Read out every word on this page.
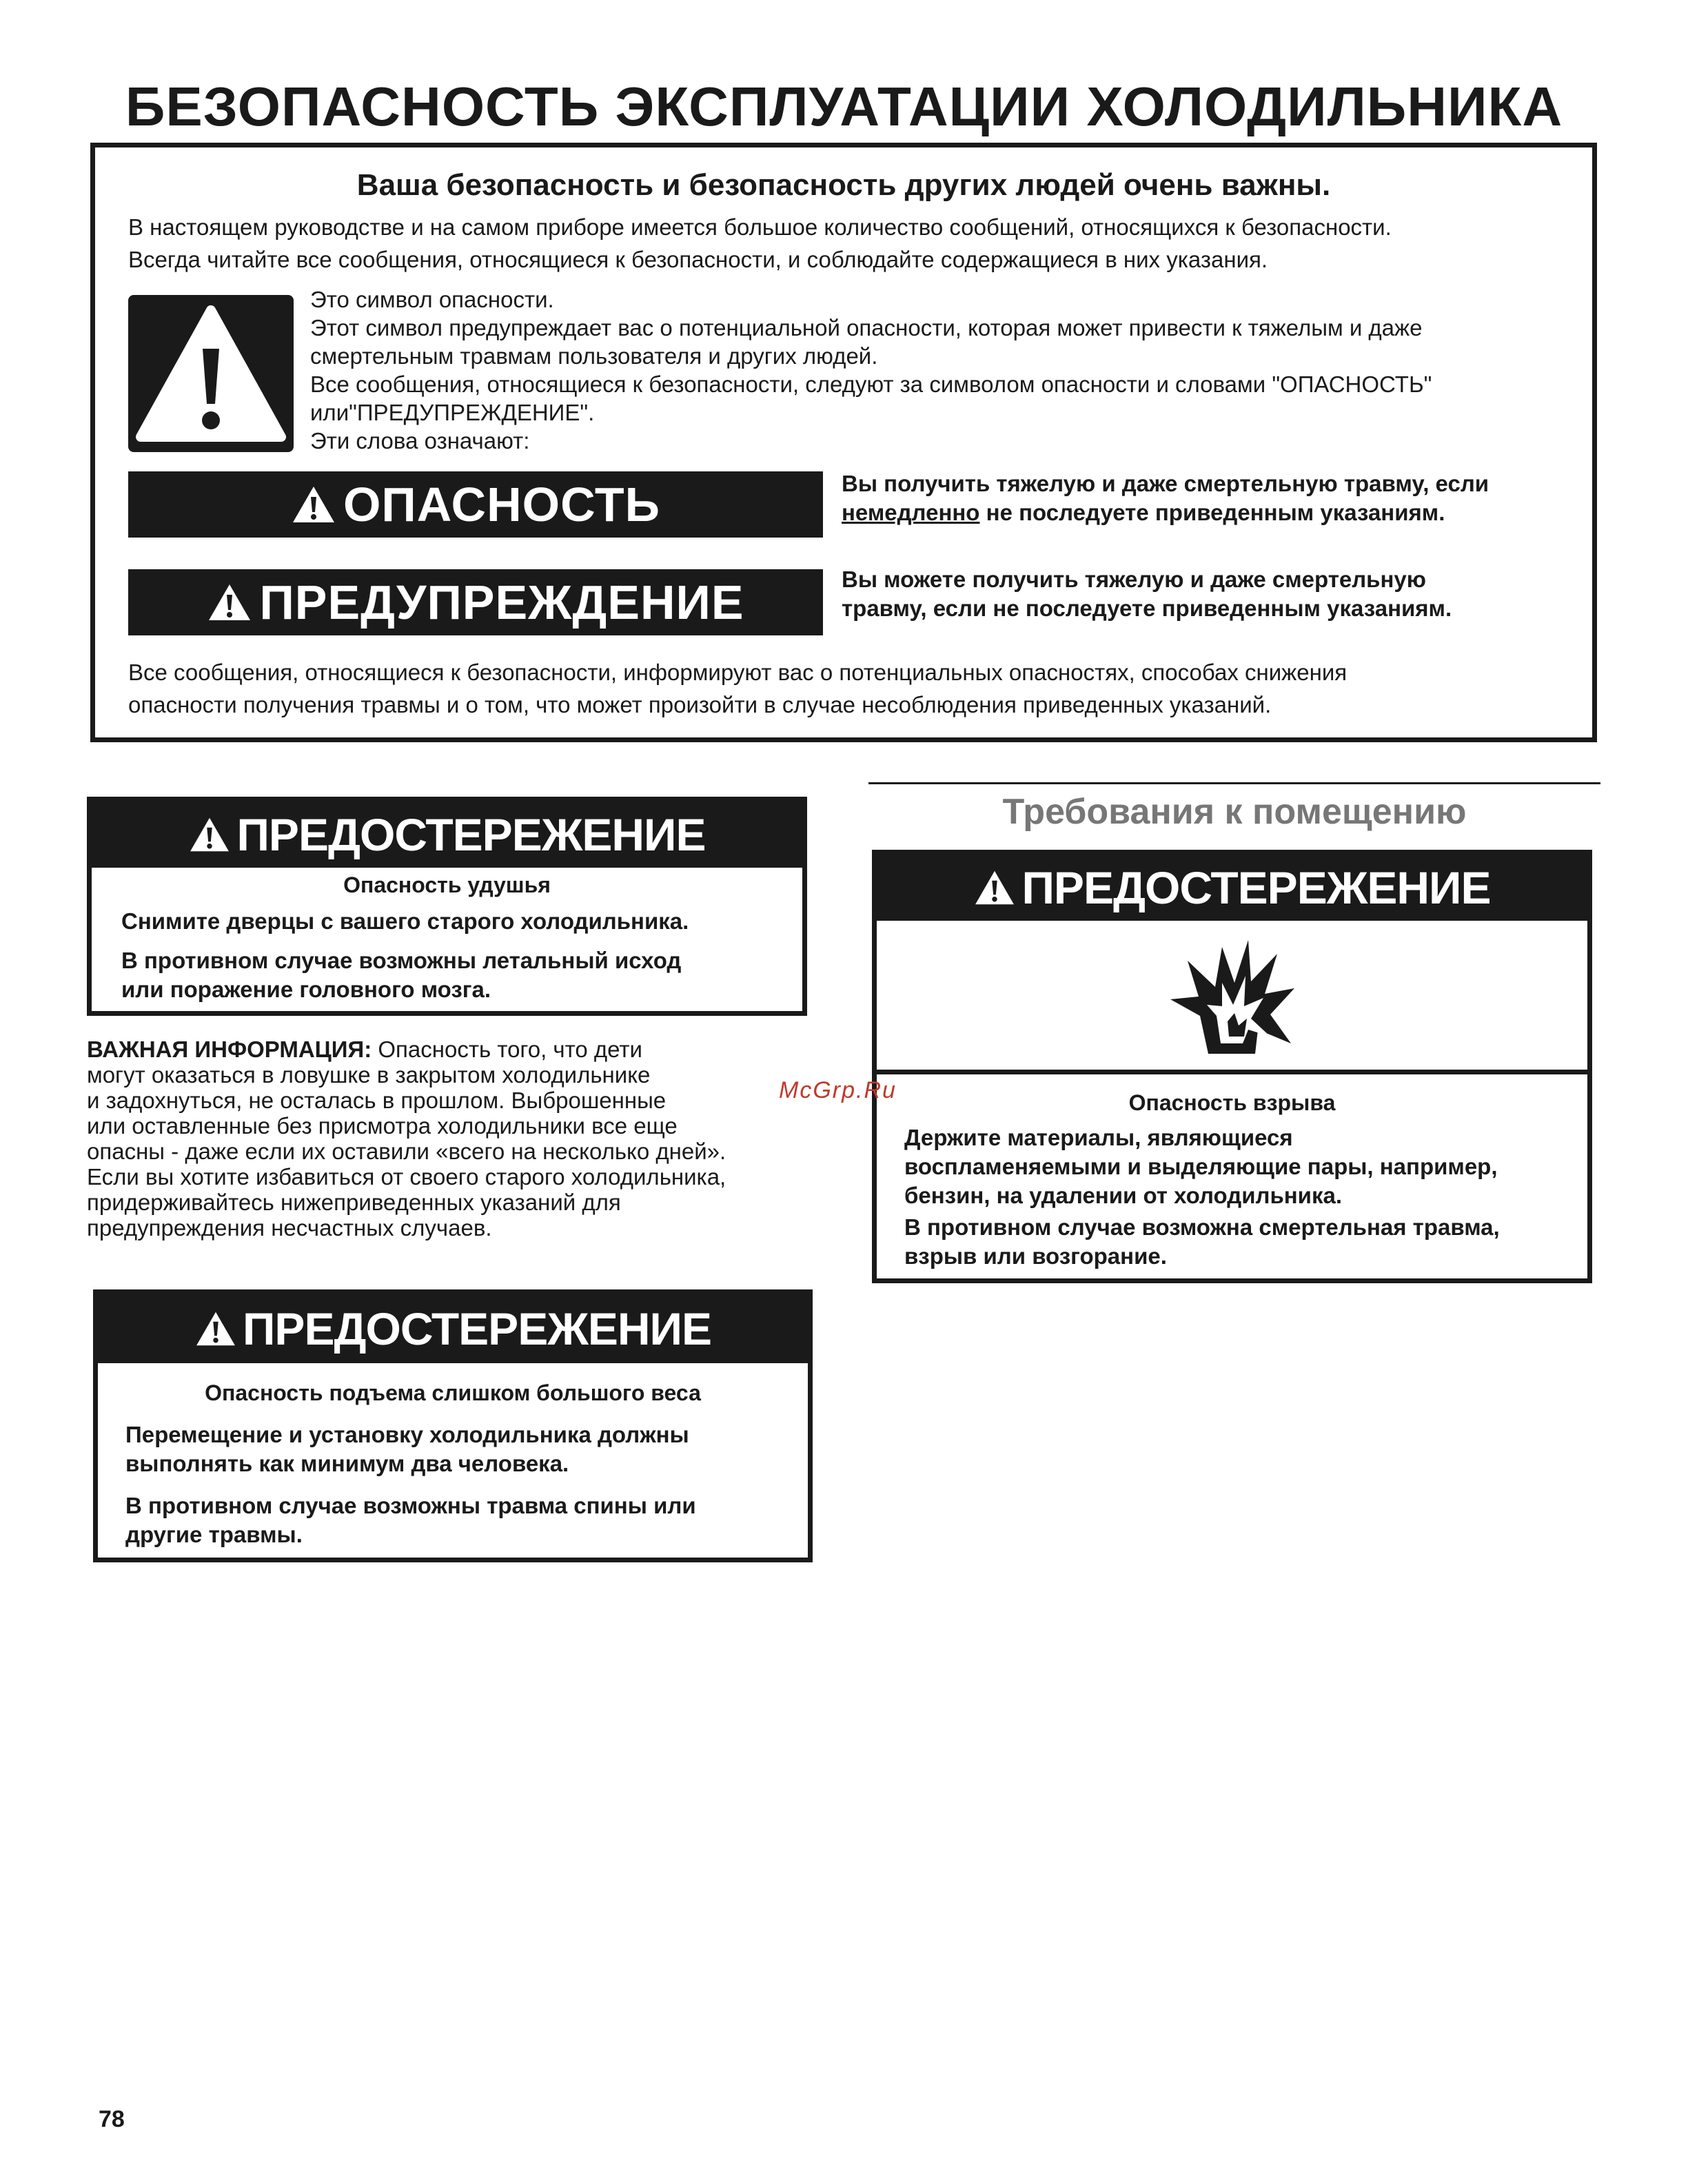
БЕЗОПАСНОСТЬ ЭКСПЛУАТАЦИИ ХОЛОДИЛЬНИКА
Ваша безопасность и безопасность других людей очень важны.
В настоящем руководстве и на самом приборе имеется большое количество сообщений, относящихся к безопасности.
Всегда читайте все сообщения, относящиеся к безопасности, и соблюдайте содержащиеся в них указания.
Это символ опасности.
Этот символ предупреждает вас о потенциальной опасности, которая может привести к тяжелым и даже
смертельным травмам пользователя и других людей.
Все сообщения, относящиеся к безопасности, следуют за символом опасности и словами "ОПАСНОСТЬ"
или"ПРЕДУПРЕЖДЕНИЕ".
Эти слова означают:
ОПАСНОСТЬ	Вы получить тяжелую и даже смертельную травму, если
немедленно не последуете приведенным указаниям.
ПРЕДУПРЕЖДЕНИЕ	Вы можете получить тяжелую и даже смертельную
травму, если не последуете приведенным указаниям.
Все сообщения, относящиеся к безопасности, информируют вас о потенциальных опасностях, способах снижения
опасности получения травмы и о том, что может произойти в случае несоблюдения приведенных указаний.
ПРЕДОСТЕРЕЖЕНИЕ
Опасность удушья
Снимите дверцы с вашего старого холодильника.
В противном случае возможны летальный исход
или поражение головного мозга.
ВАЖНАЯ ИНФОРМАЦИЯ: Опасность того, что дети
могут оказаться в ловушке в закрытом холодильнике
и задохнуться, не осталась в прошлом. Выброшенные
или оставленные без присмотра холодильники все еще
опасны - даже если их оставили «всего на несколько дней».
Если вы хотите избавиться от своего старого холодильника,
придерживайтесь нижеприведенных указаний для
предупреждения несчастных случаев.
ПРЕДОСТЕРЕЖЕНИЕ
Опасность подъема слишком большого веса
Перемещение и установку холодильника должны
выполнять как минимум два человека.
В противном случае возможны травма спины или
другие травмы.
Требования к помещению
ПРЕДОСТЕРЕЖЕНИЕ
Опасность взрыва
Держите материалы, являющиеся
воспламеняемыми и выделяющие пары, например,
бензин, на удалении от холодильника.
В противном случае возможна смертельная травма,
взрыв или возгорание.
McGrp.Ru
78
